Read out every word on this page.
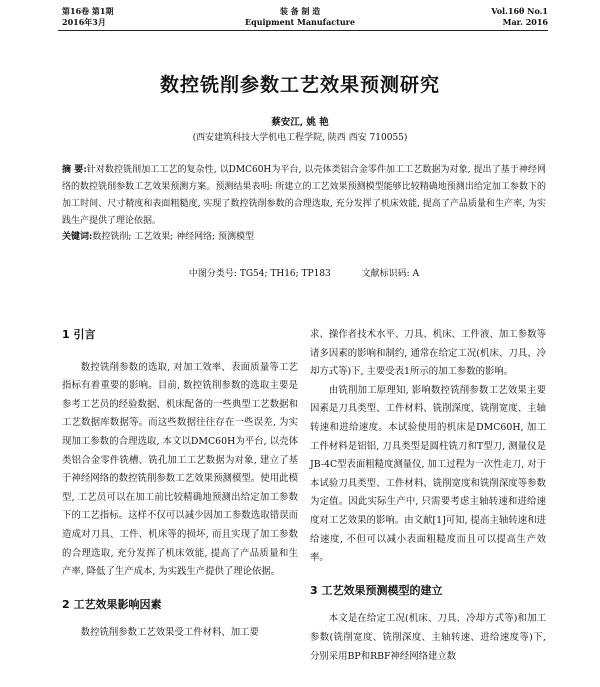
第16卷 第1期
2016年3月
装 备 制 造
Equipment Manufacture
Vol.16θ No.1
Mar. 2016
数控铣削参数工艺效果预测研究
蔡安江, 姚 艳
(西安建筑科技大学机电工程学院, 陕西 西安 710055)
摘 要:针对数控铣削加工工艺的复杂性, 以DMC60H为平台, 以壳体类铝合金零件加工工艺数据为对象, 提出了基于神经网络的数控铣削参数工艺效果预测方案。预测结果表明: 所建立的工艺效果预测模型能够比较精确地预测出给定加工参数下的加工时间、尺寸精度和表面粗糙度, 实现了数控铣削参数的合理选取, 充分发挥了机床效能, 提高了产品质量和生产率, 为实践生产提供了理论依据。
关键词:数控铣削; 工艺效果; 神经网络; 预测模型
中图分类号: TG54; TH16; TP183	文献标识码: A
1 引言

数控铣削参数的选取, 对加工效率、表面质量等工艺指标有着重要的影响。目前, 数控铣削参数的选取主要是参考工艺员的经验数据、机床配备的一些典型工艺数据和工艺数据库数据等。而这些数据往往存在一些误差, 为实现加工参数的合理选取, 本文以DMC60H为平台, 以壳体类铝合金零件铣槽、铣孔加工工艺数据为对象, 建立了基于神经网络的数控铣削参数工艺效果预测模型。使用此模型, 工艺员可以在加工前比较精确地预测出给定加工参数下的工艺指标。这样不仅可以减少因加工参数选取错误而造成对刀具、工件、机床等的损坏, 而且实现了加工参数的合理选取, 充分发挥了机床效能, 提高了产品质量和生产率, 降低了生产成本, 为实践生产提供了理论依据。

2 工艺效果影响因素

数控铣削参数工艺效果受工件材料、加工要

求、操作者技术水平、刀具、机床、工件液、加工参数等诸多因素的影响和制约, 通常在给定工况(机床、刀具、冷却方式等)下, 主要受表1所示的加工参数的影响。

由铣削加工原理知, 影响数控铣削参数工艺效果主要因素是刀具类型、工件材料、铣削深度、铣削宽度、主轴转速和进给速度。本试验使用的机床是DMC60H, 加工工件材料是铝铝, 刀具类型是圆柱铣刀和T型刀, 测量仪是JB-4C型表面粗糙度测量仪, 加工过程为一次性走刀, 对于本试验刀具类型、工件材料、铣削宽度和铣削深度等参数为定值。因此实际生产中, 只需要考虑主轴转速和进给速度对工艺效果的影响。由文献[1]可知, 提高主轴转速和进给速度, 不但可以减小表面粗糙度而且可以提高生产效率。

3 工艺效果预测模型的建立

本文是在给定工况(机床、刀具、冷却方式等)和加工参数(铣削宽度、铣削深度、主轴转速、进给速度等)下, 分别采用BP和RBF神经网络建立数
